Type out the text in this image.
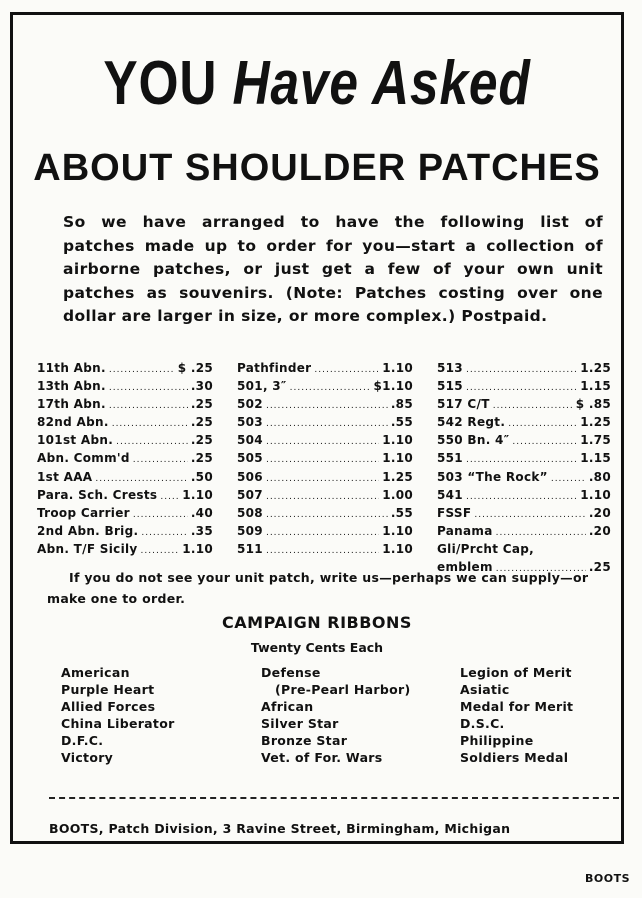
YOU Have Asked
ABOUT SHOULDER PATCHES
So we have arranged to have the following list of
patches made up to order for you—start a collection of
airborne patches, or just get a few of your own unit
patches as souvenirs. (Note: Patches costing over one
dollar are larger in size, or more complex.) Postpaid.
11th Abn. .....	$ .25
13th Abn. .....	.30
17th Abn. .....	.25
82nd Abn. .....	.25
101st Abn. .....	.25
Abn. Comm'd .....	.25
1st AAA .....	.50
Para. Sch. Crests ..... 1.10
Troop Carrier .....	.40
2nd Abn. Brig. .....	.35
Abn. T/F Sicily .....	1.10
Pathfinder .....	1.10
501, 3″ .....	$1.10
502 .....	.85
503 .....	.55
504 .....	1.10
505 .....	1.10
506 .....	1.25
507 .....	1.00
508 .....	.55
509 .....	1.10
511 .....	1.10
513 .....	1.25
515 .....	1.15
517 C/T .....	$ .85
542 Regt. .....	1.25
550 Bn. 4″ .....	1.75
551 .....	1.15
503 “The Rock” .....	.80
541 .....	1.10
FSSF .....	.20
Panama .....	.20
Gli/Prcht Cap,
emblem .....	.25
If you do not see your unit patch, write us—perhaps we can supply—or make one to order.
CAMPAIGN RIBBONS
Twenty Cents Each
American
Purple Heart
Allied Forces
China Liberator
D.F.C.
Victory
Defense
(Pre-Pearl Harbor)
African
Silver Star
Bronze Star
Vet. of For. Wars
Legion of Merit
Asiatic
Medal for Merit
D.S.C.
Philippine
Soldiers Medal
BOOTS, Patch Division, 3 Ravine Street, Birmingham, Michigan
BOOTS
